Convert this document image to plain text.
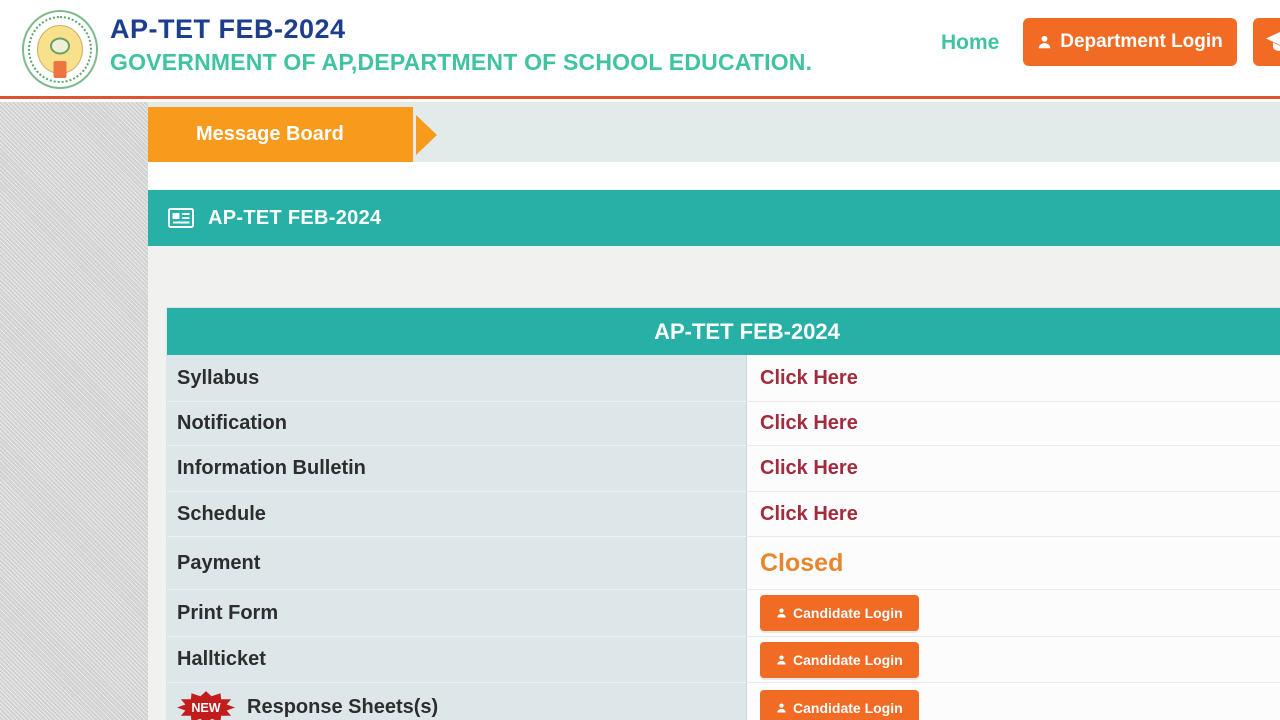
AP-TET FEB-2024
GOVERNMENT OF AP,DEPARTMENT OF SCHOOL EDUCATION.
Home	Department Login
Message Board
AP-TET FEB-2024
AP-TET FEB-2024
Syllabus	Click Here
Notification	Click Here
Information Bulletin	Click Here
Schedule	Click Here
Payment	Closed
Print Form	Candidate Login
Hallticket	Candidate Login
NEW Response Sheets(s)	Candidate Login
